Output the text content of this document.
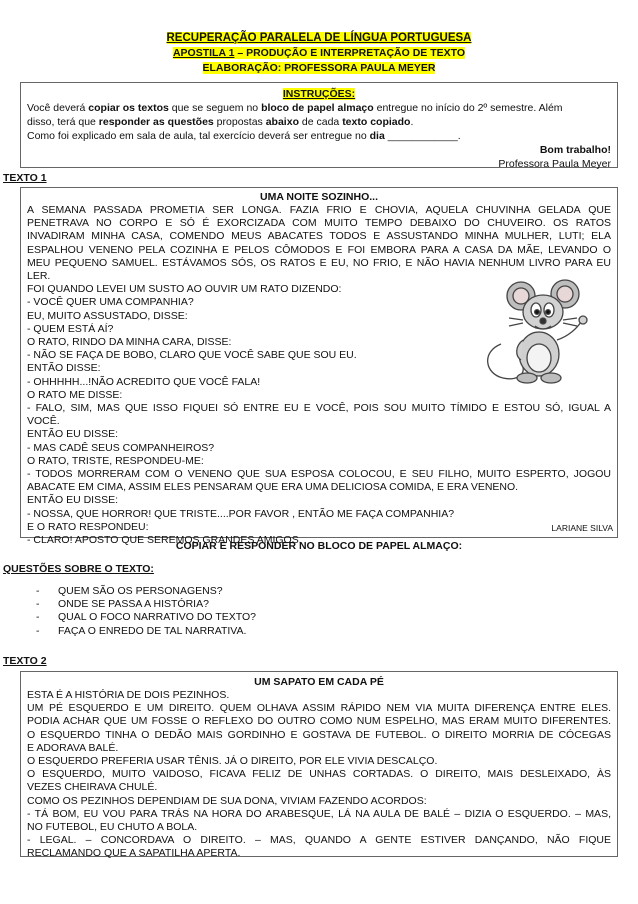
RECUPERAÇÃO PARALELA DE LÍNGUA PORTUGUESA
APOSTILA 1 – PRODUÇÃO E INTERPRETAÇÃO DE TEXTO
ELABORAÇÃO: PROFESSORA PAULA MEYER
INSTRUÇÕES:
Você deverá copiar os textos que se seguem no bloco de papel almaço entregue no início do 2º semestre. Além
disso, terá que responder as questões propostas abaixo de cada texto copiado.
Como foi explicado em sala de aula, tal exercício deverá ser entregue no dia ____________.
Bom trabalho!
Professora Paula Meyer
TEXTO 1
UMA NOITE SOZINHO...
A SEMANA PASSADA PROMETIA SER LONGA. FAZIA FRIO E CHOVIA, AQUELA CHUVINHA GELADA QUE
PENETRAVA NO CORPO E SÓ É EXORCIZADA COM MUITO TEMPO DEBAIXO DO CHUVEIRO. OS RATOS
INVADIRAM MINHA CASA, COMENDO MEUS ABACATES TODOS E ASSUSTANDO MINHA MULHER, LUTI; ELA
ESPALHOU VENENO PELA COZINHA E PELOS CÔMODOS E FOI EMBORA PARA A CASA DA MÃE, LEVANDO O
MEU PEQUENO SAMUEL. ESTÁVAMOS SÓS, OS RATOS E EU, NO FRIO, E NÃO HAVIA NENHUM LIVRO PARA EU
LER.
FOI QUANDO LEVEI UM SUSTO AO OUVIR UM RATO DIZENDO:
- VOCÊ QUER UMA COMPANHIA?
EU, MUITO ASSUSTADO, DISSE:
- QUEM ESTÁ AÍ?
O RATO, RINDO DA MINHA CARA, DISSE:
- NÃO SE FAÇA DE BOBO, CLARO QUE VOCÊ SABE QUE SOU EU.
ENTÃO DISSE:
- OHHHHH...!NÃO ACREDITO QUE VOCÊ FALA!
O RATO ME DISSE:
- FALO, SIM, MAS QUE ISSO FIQUEI SÓ ENTRE EU E VOCÊ, POIS SOU MUITO TÍMIDO E ESTOU SÓ, IGUAL A
VOCÊ.
ENTÃO EU DISSE:
- MAS CADÊ SEUS COMPANHEIROS?
O RATO, TRISTE, RESPONDEU-ME:
- TODOS MORRERAM COM O VENENO QUE SUA ESPOSA COLOCOU, E SEU FILHO, MUITO ESPERTO, JOGOU
ABACATE EM CIMA, ASSIM ELES PENSARAM QUE ERA UMA DELICIOSA COMIDA, E ERA VENENO.
ENTÃO EU DISSE:
- NOSSA, QUE HORROR! QUE TRISTE....POR FAVOR , ENTÃO ME FAÇA COMPANHIA?
E O RATO RESPONDEU:
- CLARO! APOSTO QUE SEREMOS GRANDES AMIGOS.
LARIANE SILVA
COPIAR E RESPONDER NO BLOCO DE PAPEL ALMAÇO:
QUESTÕES SOBRE O TEXTO:
- QUEM SÃO OS PERSONAGENS?
- ONDE SE PASSA A HISTÓRIA?
- QUAL O FOCO NARRATIVO DO TEXTO?
- FAÇA O ENREDO DE TAL NARRATIVA.
TEXTO 2
UM SAPATO EM CADA PÉ
ESTA É A HISTÓRIA DE DOIS PEZINHOS.
UM PÉ ESQUERDO E UM DIREITO. QUEM OLHAVA ASSIM RÁPIDO NEM VIA MUITA DIFERENÇA ENTRE ELES.
PODIA ACHAR QUE UM FOSSE O REFLEXO DO OUTRO COMO NUM ESPELHO, MAS ERAM MUITO DIFERENTES.
O ESQUERDO TINHA O DEDÃO MAIS GORDINHO E GOSTAVA DE FUTEBOL. O DIREITO MORRIA DE CÓCEGAS
E ADORAVA BALÉ.
O ESQUERDO PREFERIA USAR TÊNIS. JÁ O DIREITO, POR ELE VIVIA DESCALÇO.
O ESQUERDO, MUITO VAIDOSO, FICAVA FELIZ DE UNHAS CORTADAS. O DIREITO, MAIS DESLEIXADO, ÀS
VEZES CHEIRAVA CHULÉ.
COMO OS PEZINHOS DEPENDIAM DE SUA DONA, VIVIAM FAZENDO ACORDOS:
- TÁ BOM, EU VOU PARA TRÁS NA HORA DO ARABESQUE, LÁ NA AULA DE BALÉ – DIZIA O ESQUERDO. – MAS,
NO FUTEBOL, EU CHUTO A BOLA.
- LEGAL. – CONCORDAVA O DIREITO. – MAS, QUANDO A GENTE ESTIVER DANÇANDO, NÃO FIQUE
RECLAMANDO QUE A SAPATILHA APERTA.
